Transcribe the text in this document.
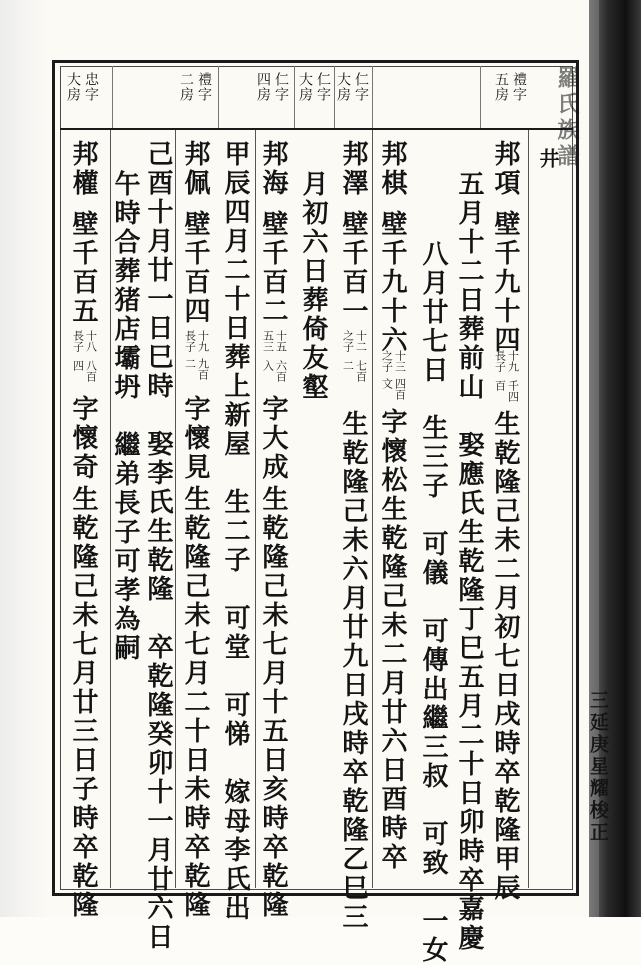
忠字
大房	禮字
二房	仁字
四房	仁字
大房	仁字
大房	禮字
五房 羅氏族譜
三延庚星耀梭正
井
邦項
壁千九十四
十九
長子
千四
百
生乾隆己未二月初七日戌時卒乾隆甲辰
五月十二日葬前山　娶應氏生乾隆丁巳五月二十日卯時卒嘉慶
八月廿七日　生三子　可儀　可傳出繼三叔　可致　一女
邦棋
壁千九十六
十三
之子
四百
文
字懷松
生乾隆己未二月廿六日酉時卒
邦澤
壁千百一
十二
之子
七百
二
生乾隆己未六月廿九日戌時卒乾隆乙巳三
月初六日葬倚友壑
邦海
壁千百二
十五
五三
六百
入
字大成
生乾隆己未七月十五日亥時卒乾隆
甲辰四月二十日葬上新屋　生二子　可堂　可悌　嫁母李氏出
邦佩
壁千百四
十九
長子
九百
二
字懷見
生乾隆己未七月二十日未時卒乾隆
己酉十月廿一日巳時　娶李氏生乾隆　卒乾隆癸卯十一月廿六日
午時合葬猪店壩坍　繼弟長子可孝為嗣
邦權
壁千百五
十八
長子
八百
四
字懷奇
生乾隆己未七月廿三日子時卒乾隆
